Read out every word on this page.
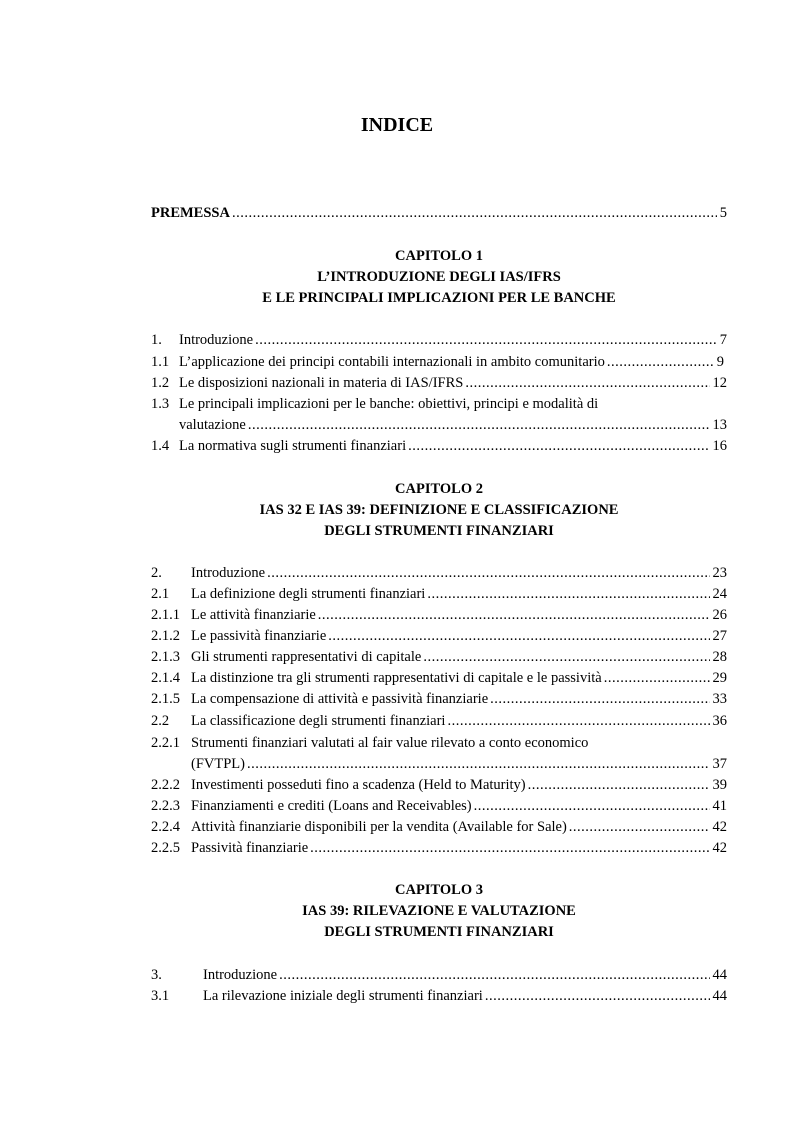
INDICE
PREMESSA .....	5
CAPITOLO 1
L’INTRODUZIONE DEGLI IAS/IFRS
E LE PRINCIPALI IMPLICAZIONI PER LE BANCHE
1.	Introduzione .....	7
1.1 L’applicazione dei principi contabili internazionali in ambito comunitario .....	9
1.2 Le disposizioni nazionali in materia di IAS/IFRS .....	12
1.3 Le principali implicazioni per le banche: obiettivi, principi e modalità di
valutazione .....	13
1.4 La normativa sugli strumenti finanziari .....	16
CAPITOLO 2
IAS 32 E IAS 39: DEFINIZIONE E CLASSIFICAZIONE
DEGLI STRUMENTI FINANZIARI
2.	Introduzione .....	23
2.1	La definizione degli strumenti finanziari .....	24
2.1.1 Le attività finanziarie .....	26
2.1.2 Le passività finanziarie .....	27
2.1.3 Gli strumenti rappresentativi di capitale .....	28
2.1.4 La distinzione tra gli strumenti rappresentativi di capitale e le passività .....	29
2.1.5 La compensazione di attività e passività finanziarie .....	33
2.2	La classificazione degli strumenti finanziari .....	36
2.2.1 Strumenti finanziari valutati al fair value rilevato a conto economico
(FVTPL) .....	37
2.2.2 Investimenti posseduti fino a scadenza (Held to Maturity) .....	39
2.2.3 Finanziamenti e crediti (Loans and Receivables) .....	41
2.2.4 Attività finanziarie disponibili per la vendita (Available for Sale) .....	42
2.2.5 Passività finanziarie .....	42
CAPITOLO 3
IAS 39: RILEVAZIONE E VALUTAZIONE
DEGLI STRUMENTI FINANZIARI
3.	Introduzione .....	44
3.1	La rilevazione iniziale degli strumenti finanziari .....	44
